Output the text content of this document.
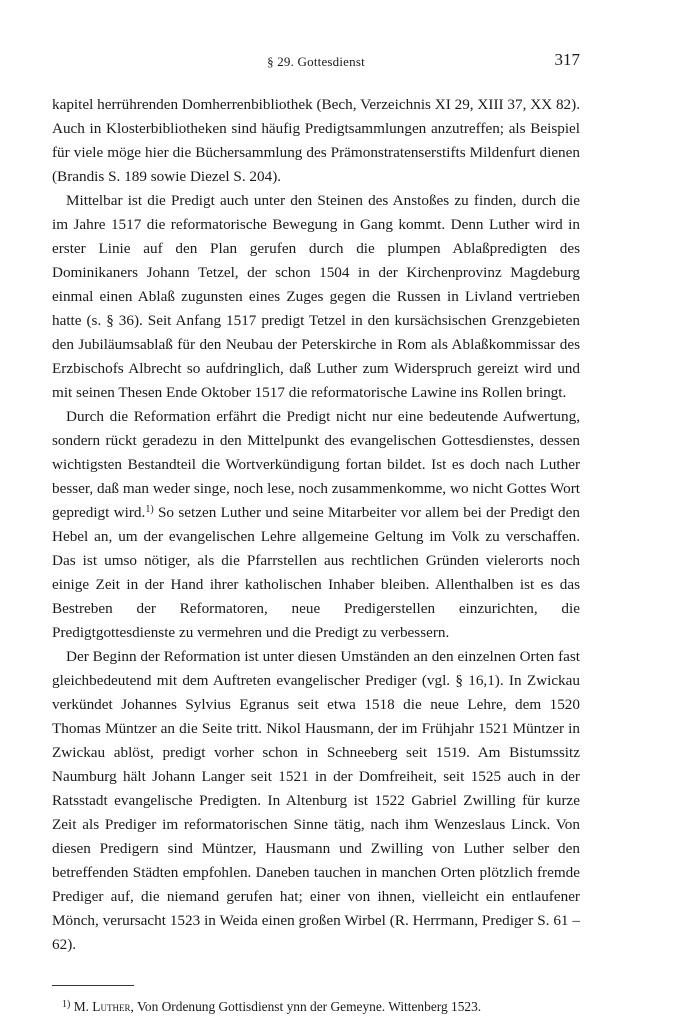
§ 29. Gottesdienst	317

kapitel herrührenden Domherrenbibliothek (Bech, Verzeichnis XI 29, XIII 37, XX 82). Auch in Klosterbibliotheken sind häufig Predigtsammlungen anzutreffen; als Beispiel für viele möge hier die Büchersammlung des Prämonstratenserstifts Mildenfurt dienen (Brandis S. 189 sowie Diezel S. 204).

Mittelbar ist die Predigt auch unter den Steinen des Anstoßes zu finden, durch die im Jahre 1517 die reformatorische Bewegung in Gang kommt. Denn Luther wird in erster Linie auf den Plan gerufen durch die plumpen Ablaßpredigten des Dominikaners Johann Tetzel, der schon 1504 in der Kirchenprovinz Magdeburg einmal einen Ablaß zugunsten eines Zuges gegen die Russen in Livland vertrieben hatte (s. § 36). Seit Anfang 1517 predigt Tetzel in den kursächsischen Grenzgebieten den Jubiläumsablaß für den Neubau der Peterskirche in Rom als Ablaßkommissar des Erzbischofs Albrecht so aufdringlich, daß Luther zum Widerspruch gereizt wird und mit seinen Thesen Ende Oktober 1517 die reformatorische Lawine ins Rollen bringt.

Durch die Reformation erfährt die Predigt nicht nur eine bedeutende Aufwertung, sondern rückt geradezu in den Mittelpunkt des evangelischen Gottesdienstes, dessen wichtigsten Bestandteil die Wortverkündigung fortan bildet. Ist es doch nach Luther besser, daß man weder singe, noch lese, noch zusammenkomme, wo nicht Gottes Wort gepredigt wird.$^{1)}$ So setzen Luther und seine Mitarbeiter vor allem bei der Predigt den Hebel an, um der evangelischen Lehre allgemeine Geltung im Volk zu verschaffen. Das ist umso nötiger, als die Pfarrstellen aus rechtlichen Gründen vielerorts noch einige Zeit in der Hand ihrer katholischen Inhaber bleiben. Allenthalben ist es das Bestreben der Reformatoren, neue Predigerstellen einzurichten, die Predigtgottesdienste zu vermehren und die Predigt zu verbessern.

Der Beginn der Reformation ist unter diesen Umständen an den einzelnen Orten fast gleichbedeutend mit dem Auftreten evangelischer Prediger (vgl. § 16,1). In Zwickau verkündet Johannes Sylvius Egranus seit etwa 1518 die neue Lehre, dem 1520 Thomas Müntzer an die Seite tritt. Nikol Hausmann, der im Frühjahr 1521 Müntzer in Zwickau ablöst, predigt vorher schon in Schneeberg seit 1519. Am Bistumssitz Naumburg hält Johann Langer seit 1521 in der Domfreiheit, seit 1525 auch in der Ratsstadt evangelische Predigten. In Altenburg ist 1522 Gabriel Zwilling für kurze Zeit als Prediger im reformatorischen Sinne tätig, nach ihm Wenzeslaus Linck. Von diesen Predigern sind Müntzer, Hausmann und Zwilling von Luther selber den betreffenden Städten empfohlen. Daneben tauchen in manchen Orten plötzlich fremde Prediger auf, die niemand gerufen hat; einer von ihnen, vielleicht ein entlaufener Mönch, verursacht 1523 in Weida einen großen Wirbel (R. Herrmann, Prediger S. 61 – 62).

$^{1)}$ M. Luther, Von Ordenung Gottisdienst ynn der Gemeyne. Wittenberg 1523.
